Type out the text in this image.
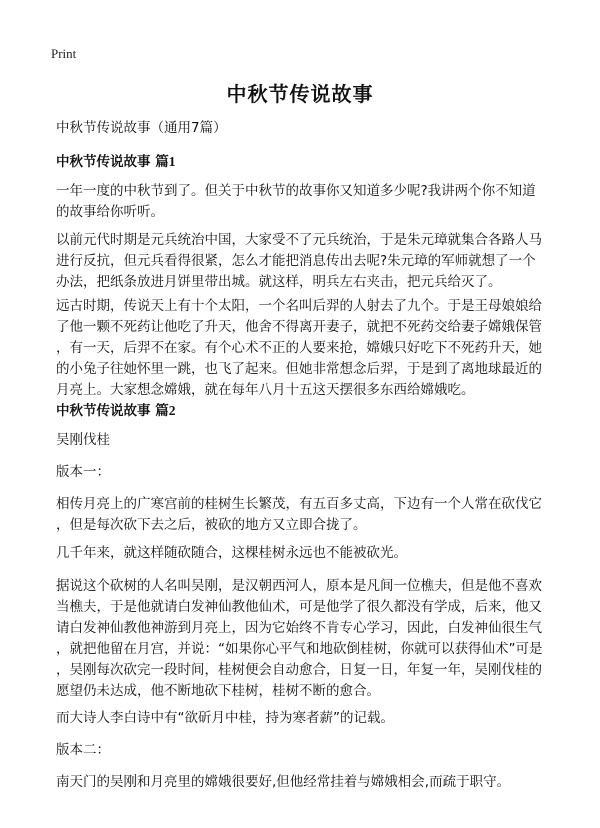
Print
中秋节传说故事
中秋节传说故事（通用7篇）
中秋节传说故事 篇1
一年一度的中秋节到了。但关于中秋节的故事你又知道多少呢?我讲两个你不知道
的故事给你听听。
以前元代时期是元兵统治中国，大家受不了元兵统治，于是朱元璋就集合各路人马
进行反抗，但元兵看得很紧，怎么才能把消息传出去呢?朱元璋的军师就想了一个
办法，把纸条放进月饼里带出城。就这样，明兵左右夹击，把元兵给灭了。
远古时期，传说天上有十个太阳，一个名叫后羿的人射去了九个。于是王母娘娘给
了他一颗不死药让他吃了升天，他舍不得离开妻子，就把不死药交给妻子嫦娥保管
，有一天，后羿不在家。有个心术不正的人要来抢，嫦娥只好吃下不死药升天，她
的小兔子往她怀里一跳，也飞了起来。但她非常想念后羿，于是到了离地球最近的
月亮上。大家想念嫦娥，就在每年八月十五这天摆很多东西给嫦娥吃。
中秋节传说故事 篇2
吴刚伐桂
版本一：
相传月亮上的广寒宫前的桂树生长繁茂，有五百多丈高，下边有一个人常在砍伐它
，但是每次砍下去之后，被砍的地方又立即合拢了。
几千年来，就这样随砍随合，这棵桂树永远也不能被砍光。
据说这个砍树的人名叫吴刚，是汉朝西河人，原本是凡间一位樵夫，但是他不喜欢
当樵夫，于是他就请白发神仙教他仙术，可是他学了很久都没有学成，后来，他又
请白发神仙教他神游到月亮上，因为它始终不肯专心学习，因此，白发神仙很生气
，就把他留在月宫，并说：“如果你心平气和地砍倒桂树，你就可以获得仙术”可是
，吴刚每次砍完一段时间，桂树便会自动愈合，日复一日，年复一年，吴刚伐桂的
愿望仍未达成，他不断地砍下桂树，桂树不断的愈合。
而大诗人李白诗中有“欲斫月中桂，持为寒者薪”的记载。
版本二：
南天门的吴刚和月亮里的嫦娥很要好,但他经常挂着与嫦娥相会,而疏于职守。
